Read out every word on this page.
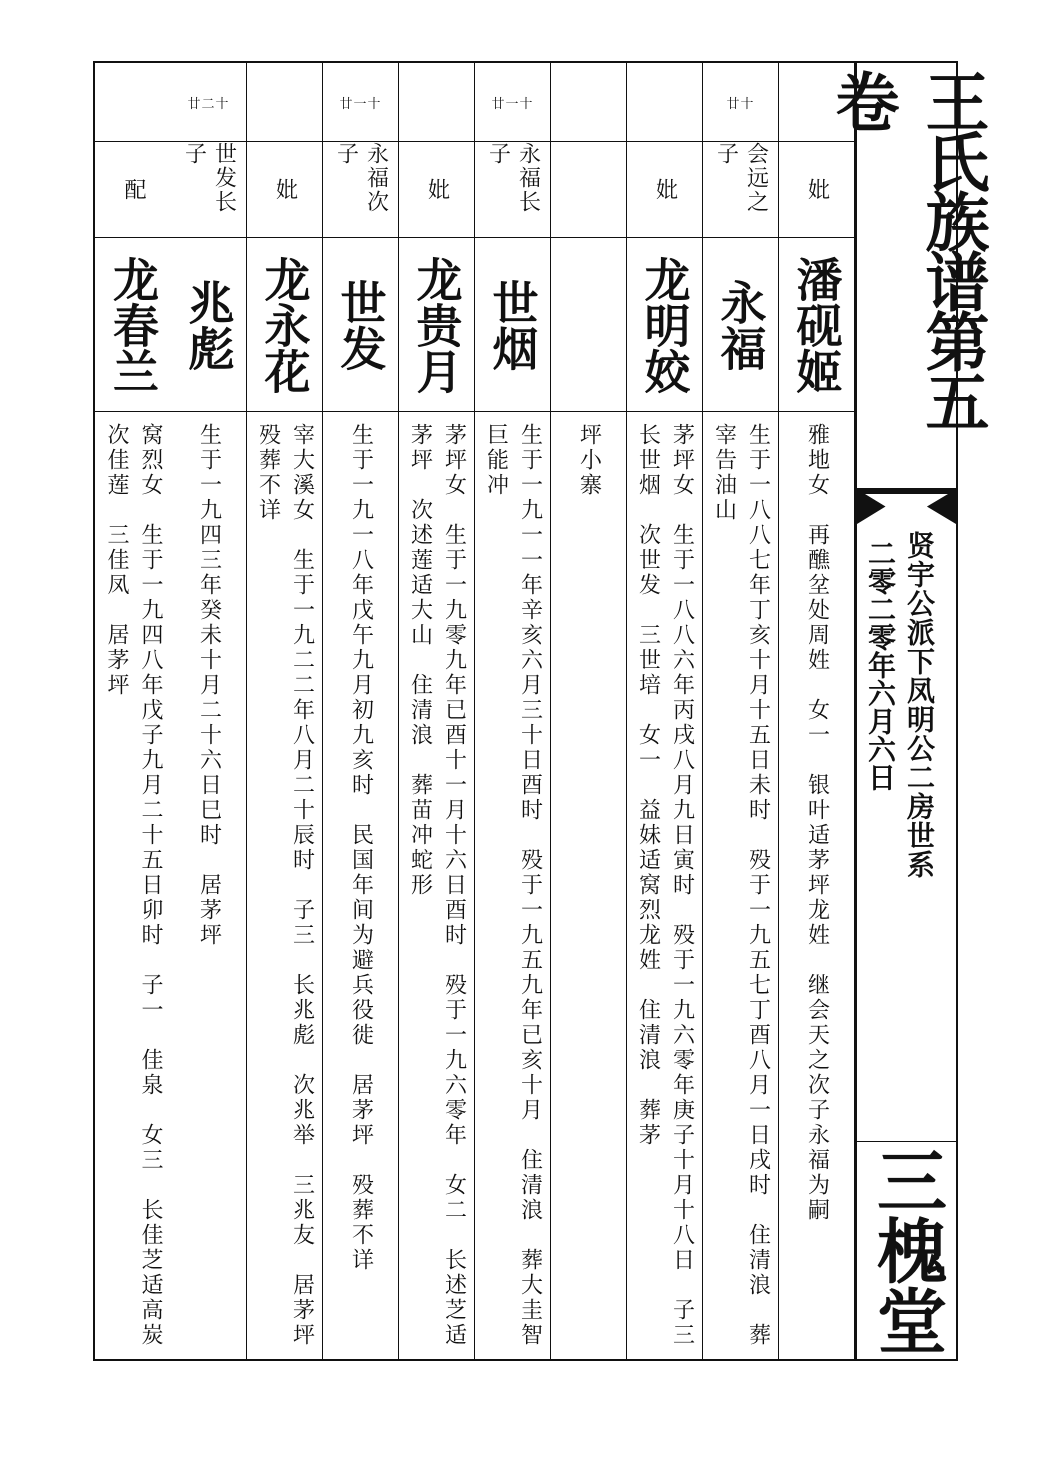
妣
潘砚姬
雅地女　再醮坌处周姓　女一　银叶适茅坪龙姓　继会天之次子永福为嗣
廿十
会远之子
永福
生于一八八七年丁亥十月十五日未时　殁于一九五七丁酉八月一日戌时　住清浪　葬宰告油山
妣
龙明姣
茅坪女　生于一八八六年丙戌八月九日寅时　殁于一九六零年庚子十月十八日　子三　长世烟　次世发　三世培　女一　益妹适窝烈龙姓　住清浪　葬茅
坪小寨
廿一十
永福长子
世烟
生于一九一一年辛亥六月三十日酉时　殁于一九五九年已亥十月　住清浪　葬大圭智巨能冲
妣
龙贵月
茅坪女　生于一九零九年已酉十一月十六日酉时　殁于一九六零年　女二　长述芝适茅坪　次述莲适大山　住清浪　葬苗冲蛇形
廿一十
永福次子
世发
生于一九一八年戊午九月初九亥时　民国年间为避兵役徙　居茅坪　殁葬不详
妣
龙永花
宰大溪女　生于一九二二年八月二十辰时　子三　长兆彪　次兆举　三兆友　居茅坪　殁葬不详
廿二十
世发长子
兆彪
生于一九四三年癸未十月二十六日巳时　居茅坪
配
龙春兰
窝烈女　生于一九四八年戊子九月二十五日卯时　子一　佳泉　女三　长佳芝适高炭　次佳莲　三佳凤　居茅坪
王氏族谱第五卷
贤宇公派下凤明公二房世系
二零二零年六月六日
三槐堂
